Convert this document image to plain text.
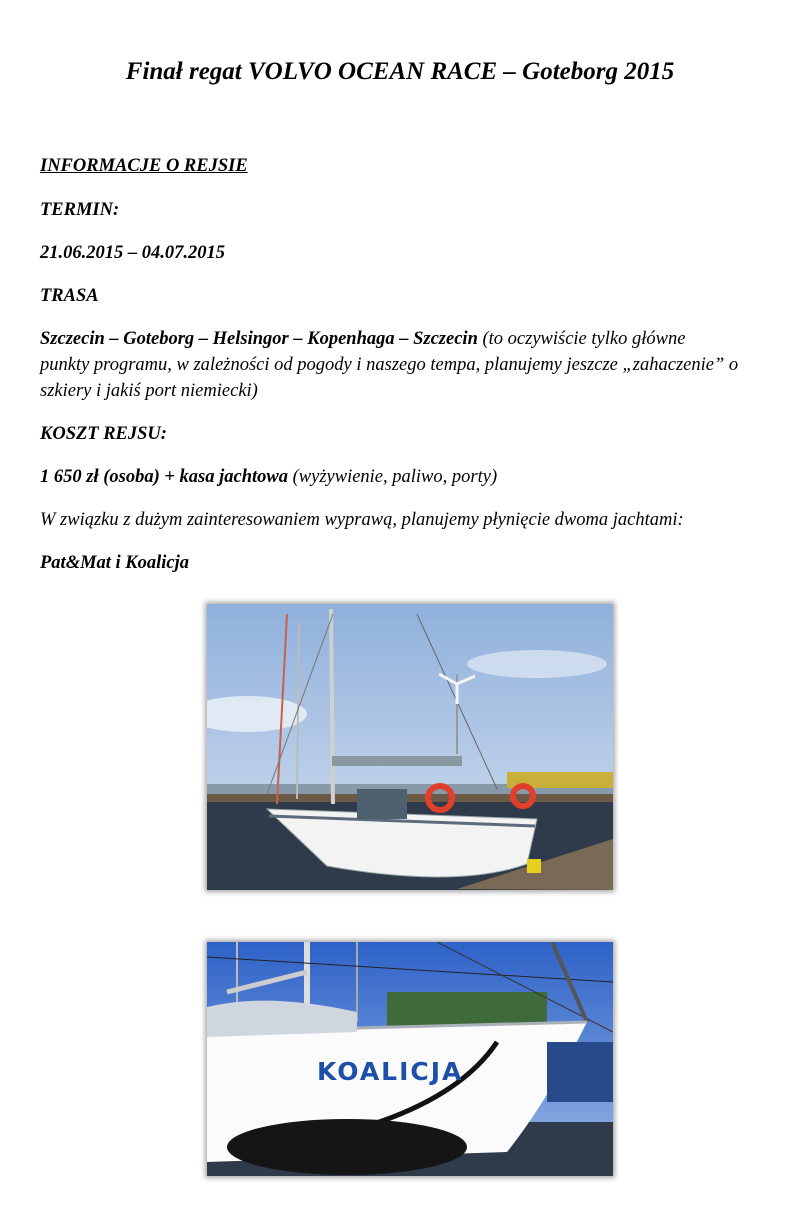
Finał regat VOLVO OCEAN RACE – Goteborg 2015

INFORMACJE O REJSIE

TERMIN:

21.06.2015 – 04.07.2015

TRASA

Szczecin – Goteborg – Helsingor – Kopenhaga – Szczecin (to oczywiście tylko główne
punkty programu, w zależności od pogody i naszego tempa, planujemy jeszcze „zahaczenie” o
szkiery i jakiś port niemiecki)

KOSZT REJSU:

1 650 zł (osoba) + kasa jachtowa (wyżywienie, paliwo, porty)

W związku z dużym zainteresowaniem wyprawą, planujemy płynięcie dwoma jachtami:

Pat&Mat i Koalicja

KOALICJA
